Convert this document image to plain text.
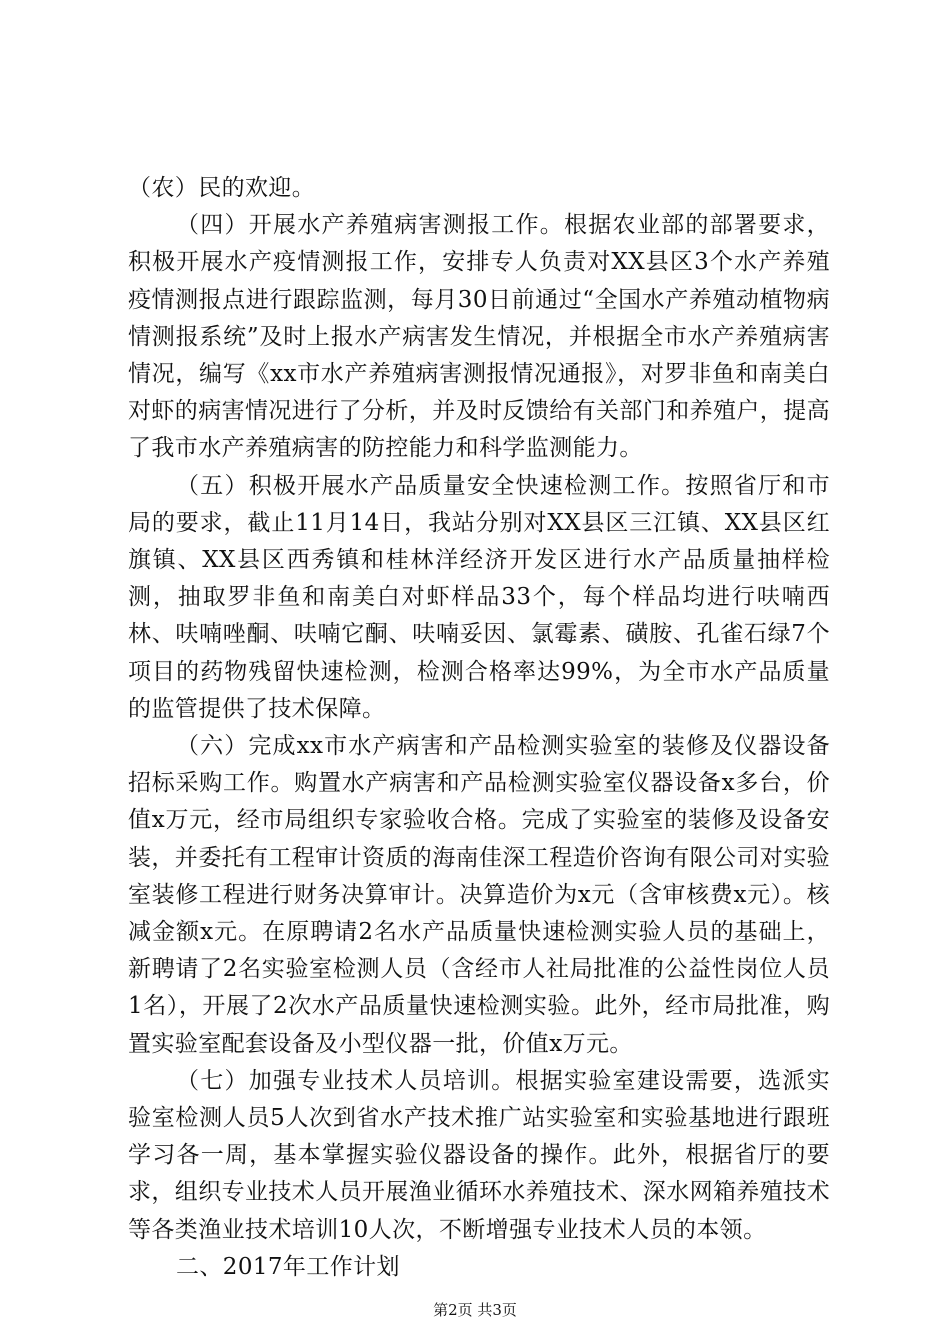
（农）民的欢迎。

（四）开展水产养殖病害测报工作。根据农业部的部署要求，积极开展水产疫情测报工作，安排专人负责对XX县区3个水产养殖疫情测报点进行跟踪监测，每月30日前通过“全国水产养殖动植物病情测报系统”及时上报水产病害发生情况，并根据全市水产养殖病害情况，编写《xx市水产养殖病害测报情况通报》，对罗非鱼和南美白对虾的病害情况进行了分析，并及时反馈给有关部门和养殖户，提高了我市水产养殖病害的防控能力和科学监测能力。

（五）积极开展水产品质量安全快速检测工作。按照省厅和市局的要求，截止11月14日，我站分别对XX县区三江镇、XX县区红旗镇、XX县区西秀镇和桂林洋经济开发区进行水产品质量抽样检测，抽取罗非鱼和南美白对虾样品33个，每个样品均进行呋喃西林、呋喃唑酮、呋喃它酮、呋喃妥因、氯霉素、磺胺、孔雀石绿7个项目的药物残留快速检测，检测合格率达99%，为全市水产品质量的监管提供了技术保障。

（六）完成xx市水产病害和产品检测实验室的装修及仪器设备招标采购工作。购置水产病害和产品检测实验室仪器设备x多台，价值x万元，经市局组织专家验收合格。完成了实验室的装修及设备安装，并委托有工程审计资质的海南佳深工程造价咨询有限公司对实验室装修工程进行财务决算审计。决算造价为x元（含审核费x元）。核减金额x元。在原聘请2名水产品质量快速检测实验人员的基础上，新聘请了2名实验室检测人员（含经市人社局批准的公益性岗位人员1名），开展了2次水产品质量快速检测实验。此外，经市局批准，购置实验室配套设备及小型仪器一批，价值x万元。

（七）加强专业技术人员培训。根据实验室建设需要，选派实验室检测人员5人次到省水产技术推广站实验室和实验基地进行跟班学习各一周，基本掌握实验仪器设备的操作。此外，根据省厅的要求，组织专业技术人员开展渔业循环水养殖技术、深水网箱养殖技术等各类渔业技术培训10人次，不断增强专业技术人员的本领。

二、2017年工作计划

第2页 共3页
